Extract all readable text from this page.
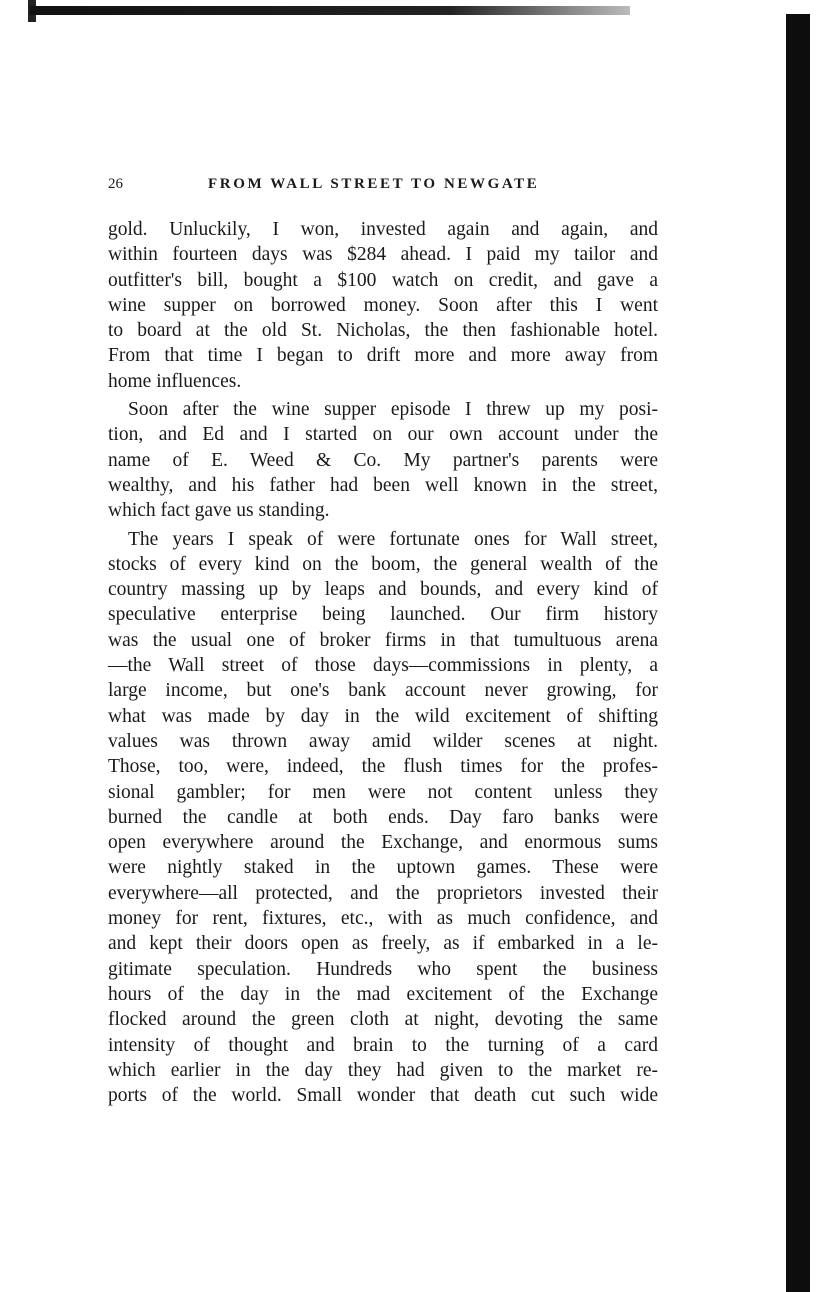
26	FROM WALL STREET TO NEWGATE
gold. Unluckily, I won, invested again and again, and
within fourteen days was $284 ahead. I paid my tailor and
outfitter's bill, bought a $100 watch on credit, and gave a
wine supper on borrowed money. Soon after this I went
to board at the old St. Nicholas, the then fashionable hotel.
From that time I began to drift more and more away from
home influences.
Soon after the wine supper episode I threw up my posi-
tion, and Ed and I started on our own account under the
name of E. Weed & Co. My partner's parents were
wealthy, and his father had been well known in the street,
which fact gave us standing.
The years I speak of were fortunate ones for Wall street,
stocks of every kind on the boom, the general wealth of the
country massing up by leaps and bounds, and every kind of
speculative enterprise being launched. Our firm history
was the usual one of broker firms in that tumultuous arena
—the Wall street of those days—commissions in plenty, a
large income, but one's bank account never growing, for
what was made by day in the wild excitement of shifting
values was thrown away amid wilder scenes at night.
Those, too, were, indeed, the flush times for the profes-
sional gambler; for men were not content unless they
burned the candle at both ends. Day faro banks were
open everywhere around the Exchange, and enormous sums
were nightly staked in the uptown games. These were
everywhere—all protected, and the proprietors invested their
money for rent, fixtures, etc., with as much confidence, and
and kept their doors open as freely, as if embarked in a le-
gitimate speculation. Hundreds who spent the business
hours of the day in the mad excitement of the Exchange
flocked around the green cloth at night, devoting the same
intensity of thought and brain to the turning of a card
which earlier in the day they had given to the market re-
ports of the world. Small wonder that death cut such wide
